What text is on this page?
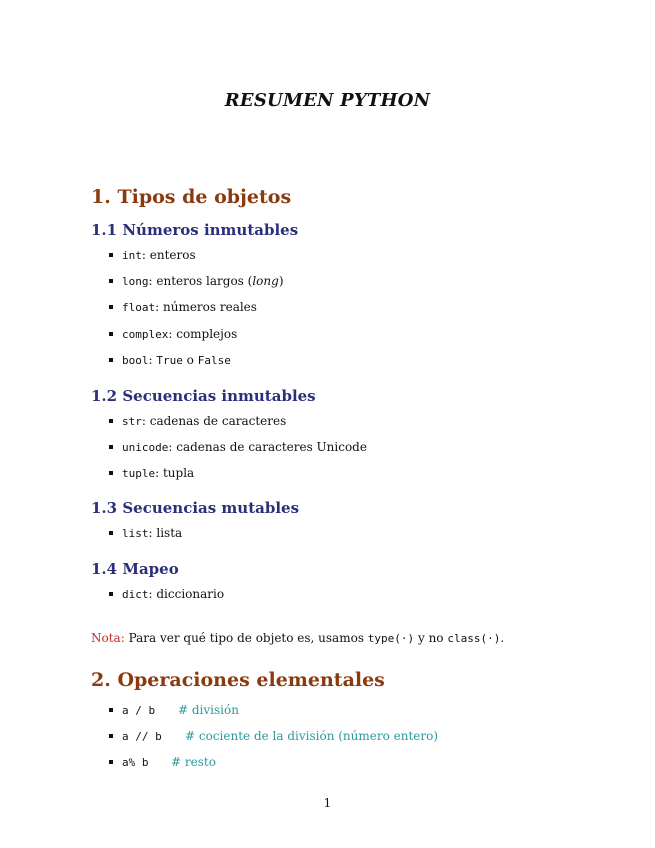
RESUMEN PYTHON
1. Tipos de objetos
1.1 Números inmutables
int: enteros
long: enteros largos (long)
float: números reales
complex: complejos
bool: True o False
1.2 Secuencias inmutables
str: cadenas de caracteres
unicode: cadenas de caracteres Unicode
tuple: tupla
1.3 Secuencias mutables
list: lista
1.4 Mapeo
dict: diccionario
Nota: Para ver qué tipo de objeto es, usamos type(·) y no class(·).
2. Operaciones elementales
a / b # división
a // b # cociente de la división (número entero)
a% b # resto
1
